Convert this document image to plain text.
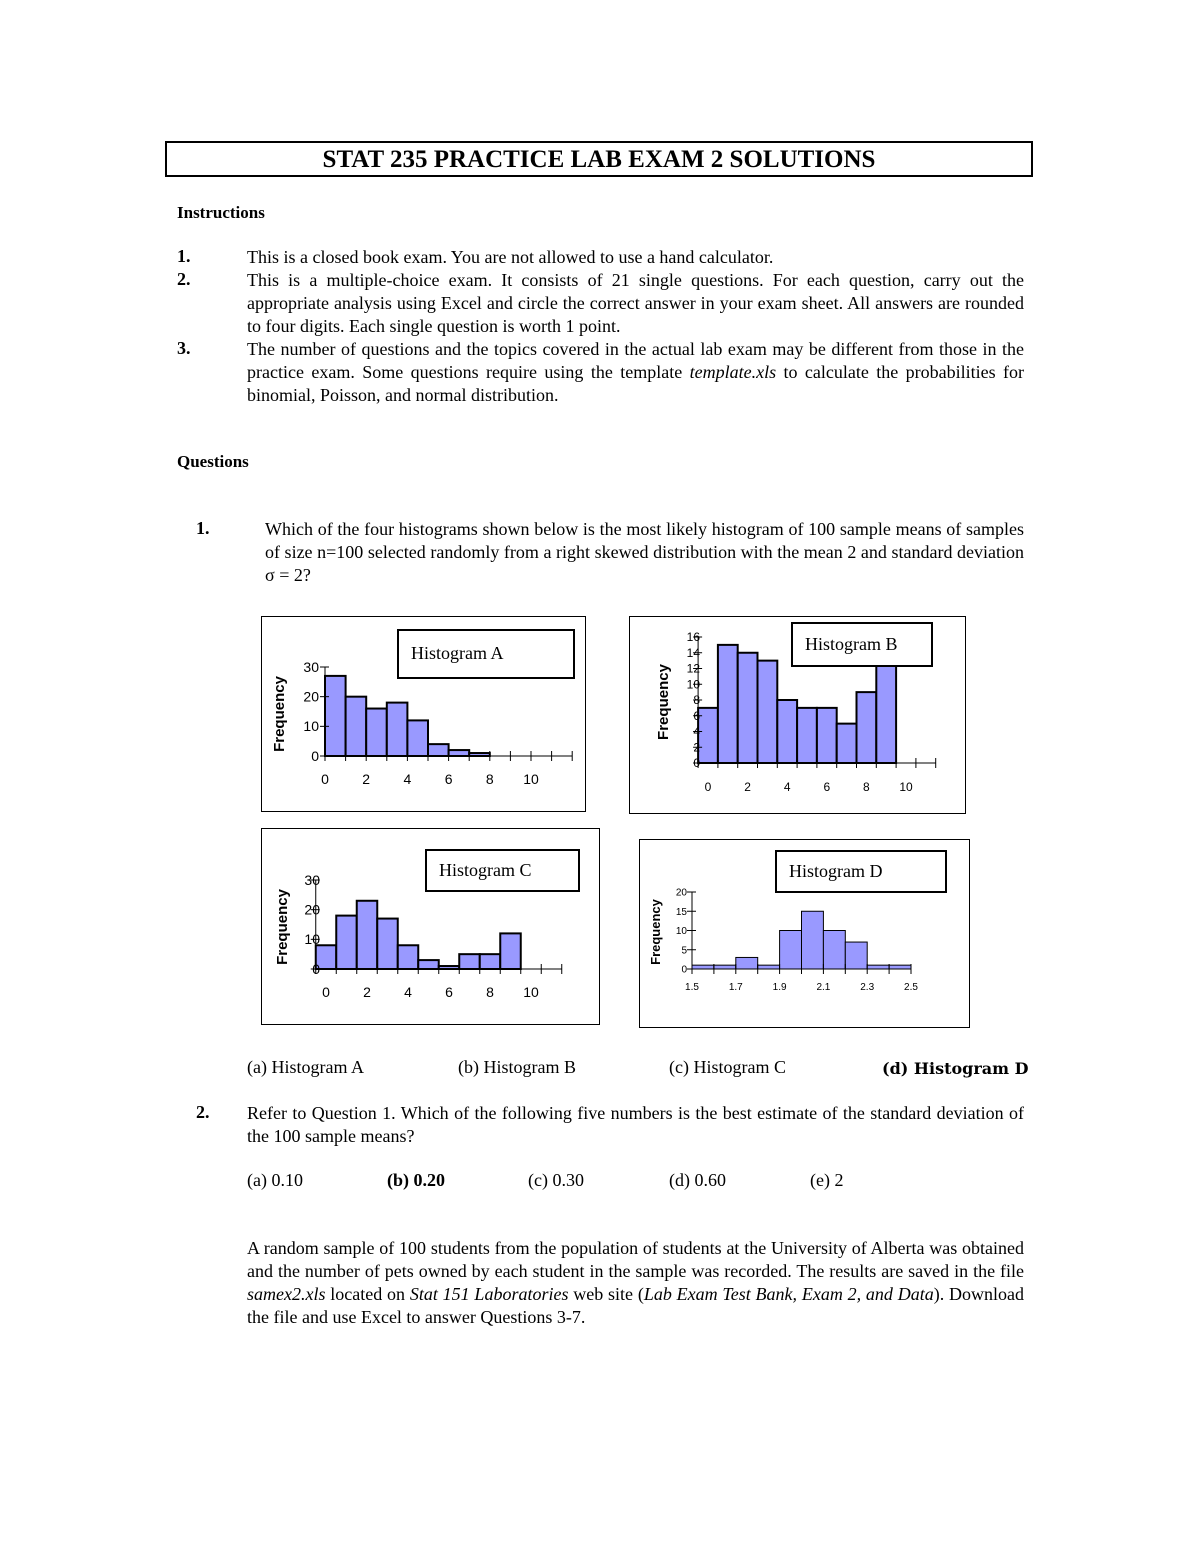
STAT 235 PRACTICE LAB EXAM 2 SOLUTIONS
Instructions
1.	This is a closed book exam. You are not allowed to use a hand calculator.
2.	This is a multiple-choice exam. It consists of 21 single questions. For each question, carry out the appropriate analysis using Excel and circle the correct answer in your exam sheet. All answers are rounded to four digits. Each single question is worth 1 point.
3.	The number of questions and the topics covered in the actual lab exam may be different from those in the practice exam. Some questions require using the template template.xls to calculate the probabilities for binomial, Poisson, and normal distribution.
Questions
1.	Which of the four histograms shown below is the most likely histogram of 100 sample means of samples of size n=100 selected randomly from a right skewed distribution with the mean 2 and standard deviation σ = 2?
0 2 4 6 8 10
0
10
20
30
Frequency
Histogram A
0	2	4	6	8 10
0
2
4
6
8
10
12
14
16
Frequency
Histogram B
0 2 4 6 8 10
0
10
20
30
Frequency
Histogram C
1.5	1.7	1.9	2.1	2.3	2.5
0
5
10
15
20
Frequency
Histogram D
(a) Histogram A	(b) Histogram B	(c) Histogram C	(d) Histogram D
2. Refer to Question 1. Which of the following five numbers is the best estimate of the standard deviation of the 100 sample means?
(a) 0.10	(b) 0.20	(c) 0.30	(d) 0.60	(e) 2
A random sample of 100 students from the population of students at the University of Alberta was obtained and the number of pets owned by each student in the sample was recorded. The results are saved in the file samex2.xls located on Stat 151 Laboratories web site (Lab Exam Test Bank, Exam 2, and Data). Download the file and use Excel to answer Questions 3-7.
